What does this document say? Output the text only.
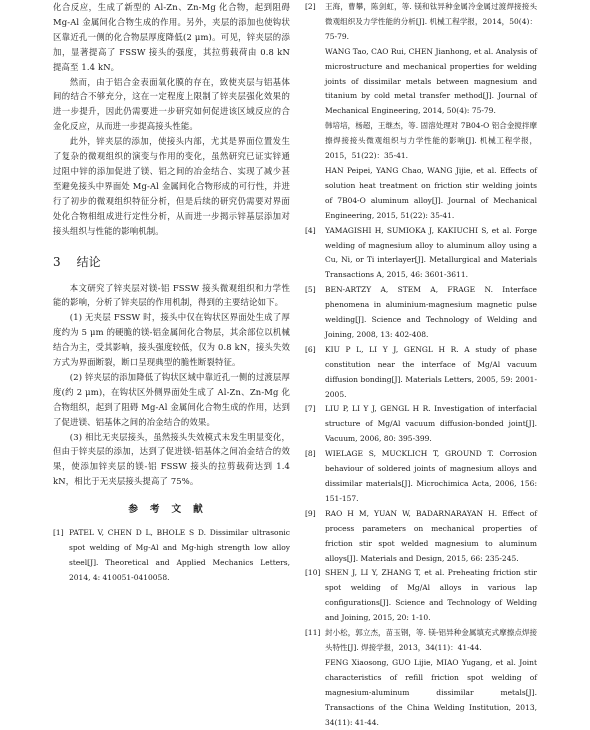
化合反应，生成了新型的 Al-Zn、Zn-Mg 化合物，起到阻碍 Mg-Al 金属间化合物生成的作用。另外，夹层的添加也使钩状区靠近孔一侧的化合物层厚度降低(2 μm)。可见，锌夹层的添加，显著提高了 FSSW 接头的强度，其拉剪载荷由 0.8 kN 提高至 1.4 kN。

然而，由于铝合金表面氧化膜的存在，致使夹层与铝基体间的结合不够充分，这在一定程度上限制了锌夹层强化效果的进一步提升，因此仍需要进一步研究如何促进该区域反应的合金化反应，从而进一步提高接头性能。

此外，锌夹层的添加，使接头内部，尤其是界面位置发生了复杂的微观组织的演变与作用的变化，虽然研究已证实锌通过阻中锌的添加促进了镁、铝之间的冶金结合、实现了减少甚至避免接头中界面处 Mg-Al 金属间化合物形成的可行性，并进行了初步的微观组织特征分析，但是后续的研究仍需要对界面处化合物相组成进行定性分析，从而进一步揭示锌基层添加对接头组织与性能的影响机制。

3 结论

本文研究了锌夹层对镁-铝 FSSW 接头微观组织和力学性能的影响，分析了锌夹层的作用机制，得到的主要结论如下。

(1) 无夹层 FSSW 时，接头中仅在钩状区界面处生成了厚度约为 5 μm 的硬脆的镁-铝金属间化合物层，其余部位以机械结合为主，受其影响，接头强度较低，仅为 0.8 kN，接头失效方式为界面断裂，断口呈现典型的脆性断裂特征。

(2) 锌夹层的添加降低了钩状区域中靠近孔一侧的过渡层厚度(约 2 μm)，在钩状区外侧界面处生成了 Al-Zn、Zn-Mg 化合物组织，起到了阻碍 Mg-Al 金属间化合物生成的作用，达到了促进镁、铝基体之间的冶金结合的效果。

(3) 相比无夹层接头，虽然接头失效模式未发生明显变化，但由于锌夹层的添加，达到了促进镁-铝基体之间冶金结合的效果，使添加锌夹层的镁-铝 FSSW 接头的拉剪载荷达到 1.4 kN，相比于无夹层接头提高了 75%。

参考文献
[1] PATEL V, CHEN D L, BHOLE S D. Dissimilar ultrasonic spot welding of Mg-Al and Mg-high strength low alloy steel[J]. Theoretical and Applied Mechanics Letters, 2014, 4: 410051-0410058.

[2]	王海，曹攀，陈剑虹，等. 镁和钛异种金属冷金属过渡焊接接头微观组织及力学性能的分析[J]. 机械工程学报，2014，50(4)：75-79.

WANG Tao, CAO Rui, CHEN Jianhong, et al. Analysis of microstructure and mechanical properties for welding joints of dissimilar metals between magnesium and titanium by cold metal transfer method[J]. Journal of Mechanical Engineering, 2014, 50(4): 75-79.

韩培培，杨超，王继杰，等. 固溶处理对 7B04-O 铝合金搅拌摩擦焊接接头微观组织与力学性能的影响[J]. 机械工程学报，2015，51(22)：35-41.

HAN Peipei, YANG Chao, WANG Jijie, et al. Effects of solution heat treatment on friction stir welding joints of 7B04-O aluminum alloy[J]. Journal of Mechanical Engineering, 2015, 51(22): 35-41.

[4]	YAMAGISHI H, SUMIOKA J, KAKIUCHI S, et al. Forge welding of magnesium alloy to aluminum alloy using a Cu, Ni, or Ti interlayer[J]. Metallurgical and Materials Transactions A, 2015, 46: 3601-3611.

[5]	BEN-ARTZY A, STEM A, FRAGE N. Interface phenomena in aluminium-magnesium magnetic pulse welding[J]. Science and Technology of Welding and Joining, 2008, 13: 402-408.

[6]	KIU P L, LI Y J, GENGL H R. A study of phase constitution near the interface of Mg/Al vacuum diffusion bonding[J]. Materials Letters, 2005, 59: 2001-2005.

[7]	LIU P, LI Y J, GENGL H R. Investigation of interfacial structure of Mg/Al vacuum diffusion-bonded joint[J]. Vacuum, 2006, 80: 395-399.

[8]	WIELAGE S, MUCKLICH T, GROUND T. Corrosion behaviour of soldered joints of magnesium alloys and dissimilar materials[J]. Microchimica Acta, 2006, 156: 151-157.

[9]	RAO H M, YUAN W, BADARNARAYAN H. Effect of process parameters on mechanical properties of friction stir spot welded magnesium to aluminum alloys[J]. Materials and Design, 2015, 66: 235-245.

[10] SHEN J, LI Y, ZHANG T, et al. Preheating friction stir spot welding of Mg/Al alloys in various lap configurations[J]. Science and Technology of Welding and Joining, 2015, 20: 1-10.

[11] 封小松，郭立杰，苗玉钢，等. 镁-铝异种金属填充式摩擦点焊接头特性[J]. 焊接学报，2013，34(11)：41-44.

FENG Xiaosong, GUO Lijie, MIAO Yugang, et al. Joint characteristics of refill friction spot welding of magnesium-aluminum dissimilar metals[J]. Transactions of the China Welding Institution, 2013, 34(11): 41-44.
